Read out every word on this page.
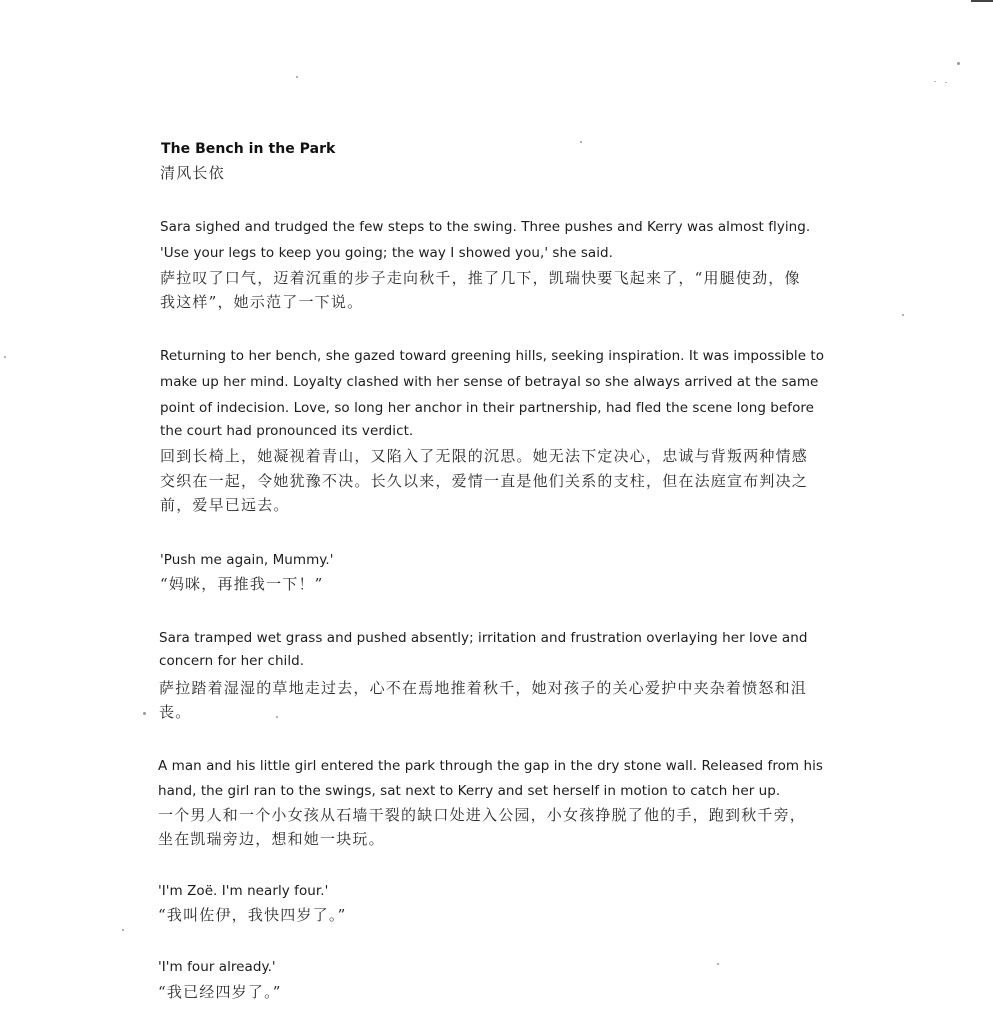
The Bench in the Park
清风长依
Sara sighed and trudged the few steps to the swing. Three pushes and Kerry was almost flying.
'Use your legs to keep you going; the way I showed you,' she said.
萨拉叹了口气，迈着沉重的步子走向秋千，推了几下，凯瑞快要飞起来了，“用腿使劲，像
我这样”，她示范了一下说。
Returning to her bench, she gazed toward greening hills, seeking inspiration. It was impossible to
make up her mind. Loyalty clashed with her sense of betrayal so she always arrived at the same
point of indecision. Love, so long her anchor in their partnership, had fled the scene long before
the court had pronounced its verdict.
回到长椅上，她凝视着青山，又陷入了无限的沉思。她无法下定决心，忠诚与背叛两种情感
交织在一起，令她犹豫不决。长久以来，爱情一直是他们关系的支柱，但在法庭宣布判决之
前，爱早已远去。
'Push me again, Mummy.'
“妈咪，再推我一下！”
Sara tramped wet grass and pushed absently; irritation and frustration overlaying her love and
concern for her child.
萨拉踏着湿湿的草地走过去，心不在焉地推着秋千，她对孩子的关心爱护中夹杂着愤怒和沮
丧。
A man and his little girl entered the park through the gap in the dry stone wall. Released from his
hand, the girl ran to the swings, sat next to Kerry and set herself in motion to catch her up.
一个男人和一个小女孩从石墙干裂的缺口处进入公园，小女孩挣脱了他的手，跑到秋千旁，
坐在凯瑞旁边，想和她一块玩。
'I'm Zoë. I'm nearly four.'
“我叫佐伊，我快四岁了。”
'I'm four already.'
“我已经四岁了。”
